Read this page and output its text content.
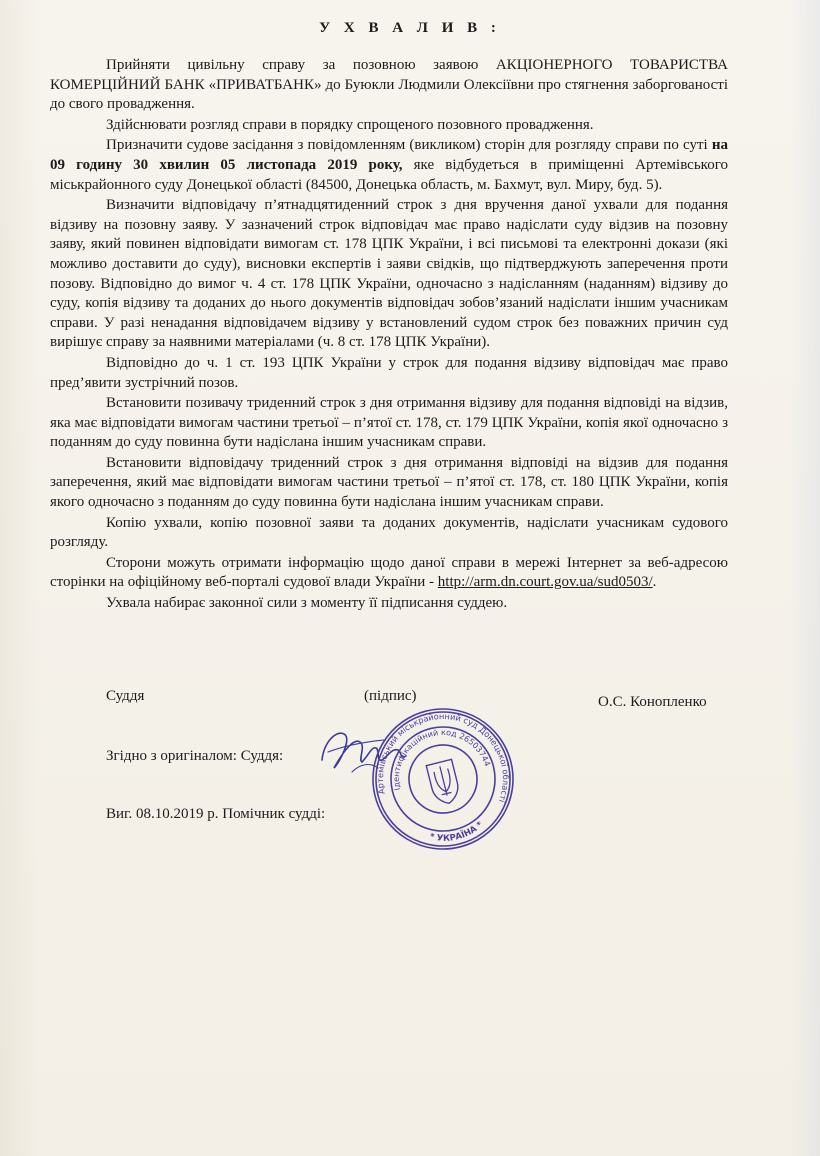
У Х В А Л И В :

Прийняти цивільну справу за позовною заявою АКЦІОНЕРНОГО ТОВАРИСТВА КОМЕРЦІЙНИЙ БАНК «ПРИВАТБАНК» до Буюкли Людмили Олексіївни про стягнення заборгованості до свого провадження.

Здійснювати розгляд справи в порядку спрощеного позовного провадження.

Призначити судове засідання з повідомленням (викликом) сторін для розгляду справи по суті на 09 годину 30 хвилин 05 листопада 2019 року, яке відбудеться в приміщенні Артемівського міськрайонного суду Донецької області (84500, Донецька область, м. Бахмут, вул. Миру, буд. 5).

Визначити відповідачу п’ятнадцятиденний строк з дня вручення даної ухвали для подання відзиву на позовну заяву. У зазначений строк відповідач має право надіслати суду відзив на позовну заяву, який повинен відповідати вимогам ст. 178 ЦПК України, і всі письмові та електронні докази (які можливо доставити до суду), висновки експертів і заяви свідків, що підтверджують заперечення проти позову. Відповідно до вимог ч. 4 ст. 178 ЦПК України, одночасно з надісланням (наданням) відзиву до суду, копія відзиву та доданих до нього документів відповідач зобов’язаний надіслати іншим учасникам справи. У разі ненадання відповідачем відзиву у встановлений судом строк без поважних причин суд вирішує справу за наявними матеріалами (ч. 8 ст. 178 ЦПК України).

Відповідно до ч. 1 ст. 193 ЦПК України у строк для подання відзиву відповідач має право пред’явити зустрічний позов.

Встановити позивачу триденний строк з дня отримання відзиву для подання відповіді на відзив, яка має відповідати вимогам частини третьої – п’ятої ст. 178, ст. 179 ЦПК України, копія якої одночасно з поданням до суду повинна бути надіслана іншим учасникам справи.

Встановити відповідачу триденний строк з дня отримання відповіді на відзив для подання заперечення, який має відповідати вимогам частини третьої – п’ятої ст. 178, ст. 180 ЦПК України, копія якого одночасно з поданням до суду повинна бути надіслана іншим учасникам справи.

Копію ухвали, копію позовної заяви та доданих документів, надіслати учасникам судового розгляду.

Сторони можуть отримати інформацію щодо даної справи в мережі Інтернет за веб-адресою сторінки на офіційному веб-порталі судової влади України - http://arm.dn.court.gov.ua/sud0503/.

Ухвала набирає законної сили з моменту її підписання суддею.

Суддя	(підпис)	О.С. Конопленко
Згідно з оригіналом: Суддя:
Виг. 08.10.2019 р. Помічник судді:
Артемівський міськрайонний суд Донецької області
Ідентифікаційний код 26503744
* УКРАЇНА *
